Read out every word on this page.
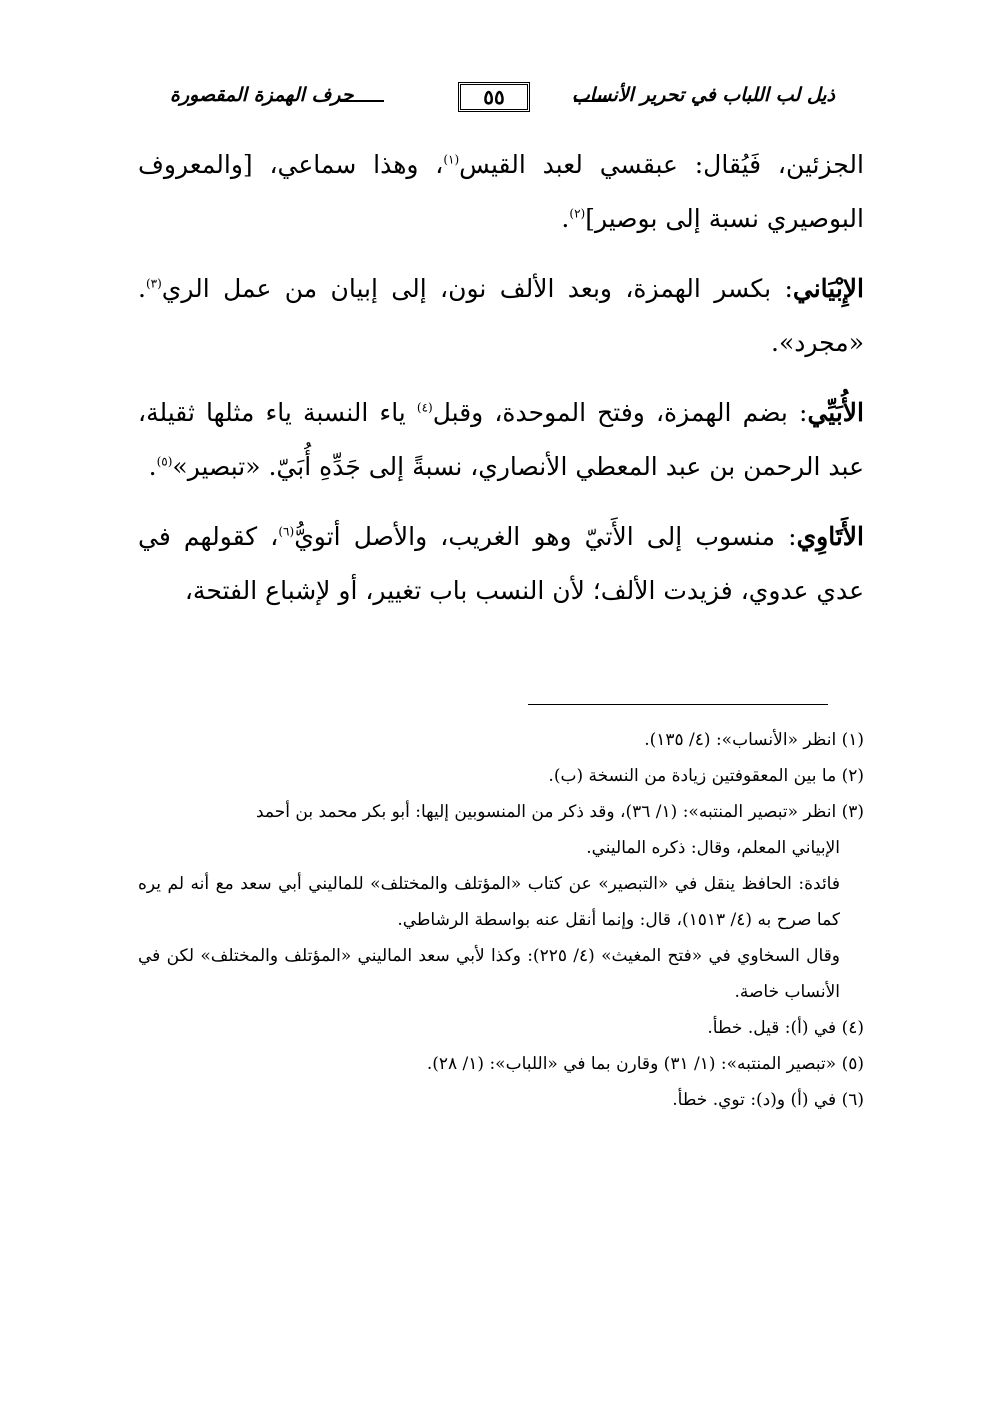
ذيل لب اللباب في تحرير الأنساب
٥٥
حرف الهمزة المقصورة

الجزئين، فَيُقال: عبقسي لعبد القيس$^{(١)}$، وهذا سماعي، [والمعروف البوصيري نسبة إلى بوصير]$^{(٢)}$.

الإِبْيَاني: بكسر الهمزة، وبعد الألف نون، إلى إبيان من عمل الري$^{(٣)}$. «مجرد».

الأُبَيِّي: بضم الهمزة، وفتح الموحدة، وقبل$^{(٤)}$ ياء النسبة ياء مثلها ثقيلة، عبد الرحمن بن عبد المعطي الأنصاري، نسبةً إلى جَدِّهِ أُبَيّ. «تبصير»$^{(٥)}$.

الأَتَاوِي: منسوب إلى الأَتيّ وهو الغريب، والأصل أتويُّ$^{(٦)}$، كقولهم في عدي عدوي، فزيدت الألف؛ لأن النسب باب تغيير، أو لإشباع الفتحة،

(١) انظر «الأنساب»: (٤/ ١٣٥).
(٢) ما بين المعقوفتين زيادة من النسخة (ب).
(٣) انظر «تبصير المنتبه»: (١/ ٣٦)، وقد ذكر من المنسوبين إليها: أبو بكر محمد بن أحمد
الإبياني المعلم، وقال: ذكره الماليني.
فائدة: الحافظ ينقل في «التبصير» عن كتاب «المؤتلف والمختلف» للماليني أبي سعد مع أنه لم يره كما صرح به (٤/ ١٥١٣)، قال: وإنما أنقل عنه بواسطة الرشاطي.
وقال السخاوي في «فتح المغيث» (٤/ ٢٢٥): وكذا لأبي سعد الماليني «المؤتلف والمختلف» لكن في الأنساب خاصة.
(٤) في (أ): قيل. خطأ.
(٥) «تبصير المنتبه»: (١/ ٣١) وقارن بما في «اللباب»: (١/ ٢٨).
(٦) في (أ) و(د): توي. خطأ.
